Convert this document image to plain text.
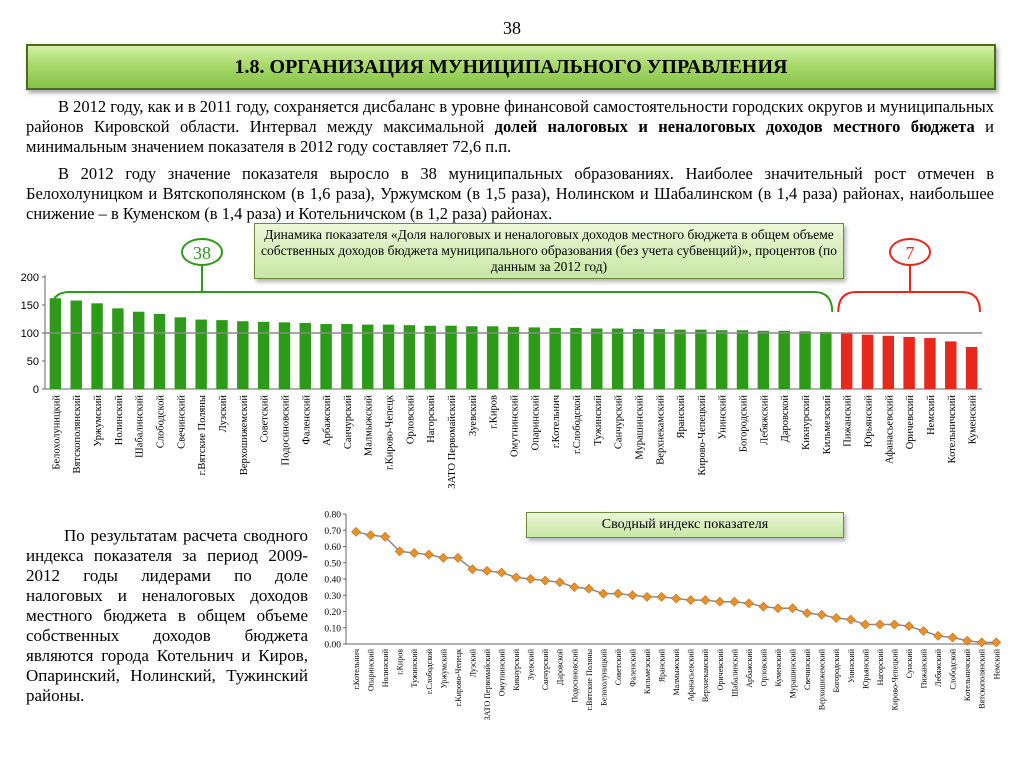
38
1.8. ОРГАНИЗАЦИЯ МУНИЦИПАЛЬНОГО УПРАВЛЕНИЯ
В 2012 году, как и в 2011 году, сохраняется дисбаланс в уровне финансовой самостоятельности городских округов и муниципальных районов Кировской области. Интервал между максимальной долей налоговых и неналоговых доходов местного бюджета и минимальным значением показателя в 2012 году составляет 72,6 п.п.
В 2012 году значение показателя выросло в 38 муниципальных образованиях. Наиболее значительный рост отмечен в Белохолуницком и Вятскополянском (в 1,6 раза), Уржумском (в 1,5 раза), Нолинском и Шабалинском (в 1,4 раза) районах, наибольшее снижение – в Куменском (в 1,4 раза) и Котельничском (в 1,2 раза) районах.
Динамика показателя «Доля налоговых и неналоговых доходов местного бюджета в общем объеме собственных доходов бюджета муниципального образования (без учета субвенций)», процентов (по данным за 2012 год)
0
50
100
150
200
Белохолуницкий Вятскополянский Уржумский Нолинский Шабалинский Слободской Свечинский г.Вятские Поляны Лузский Верхошижемский Советский Подосиновский Фаленский Арбажский Санчурский Малмыжский г.Кирово-Чепецк Орловский Нагорский ЗАТО Первомайский Зуевский г.Киров Омутнинский Опаринский г.Котельнич г.Слободской Тужинский Санчурский Мурашинский Верхнекамский Яранский Кирово-Чепецкий Унинский Богородский Лебяжский Даровской Кикнурский Кильмезский Пижанский Юрьянский Афанасьевский Оричевский Немский Котельничский Куменский
38	7
По результатам расчета сводного индекса показателя за период 2009-2012 годы лидерами по доле налоговых и неналоговых доходов местного бюджета в общем объеме собственных доходов бюджета являются города Котельнич и Киров, Опаринский, Нолинский, Тужинский районы.
0.00
0.10
0.20
0.30
0.40
0.50
0.60
0.70
0.80
г.Котельнич Опаринский Нолинский г.Киров Тужинский г.Слободской Уржумский г.Кирово-Чепецк Лузский ЗАТО Первомайский Омутнинский Кикнурский Зуевский Санчурский Даровской Подосиновский г.Вятские Поляны Белохолуницкий Советский Фаленский Кильмезский Яранский Малмыжский Афанасьевский Верхнекамский Оричевский Шабалинский Арбажский Орловский Куменский Мурашинский Свечинский Верхошижемский Богородский Унинский Юрьянский Нагорский Кирово-Чепецкий Сунский Пижанский Лебяжский Слободской Котельничский Вятскополянский Немский
Сводный индекс показателя
